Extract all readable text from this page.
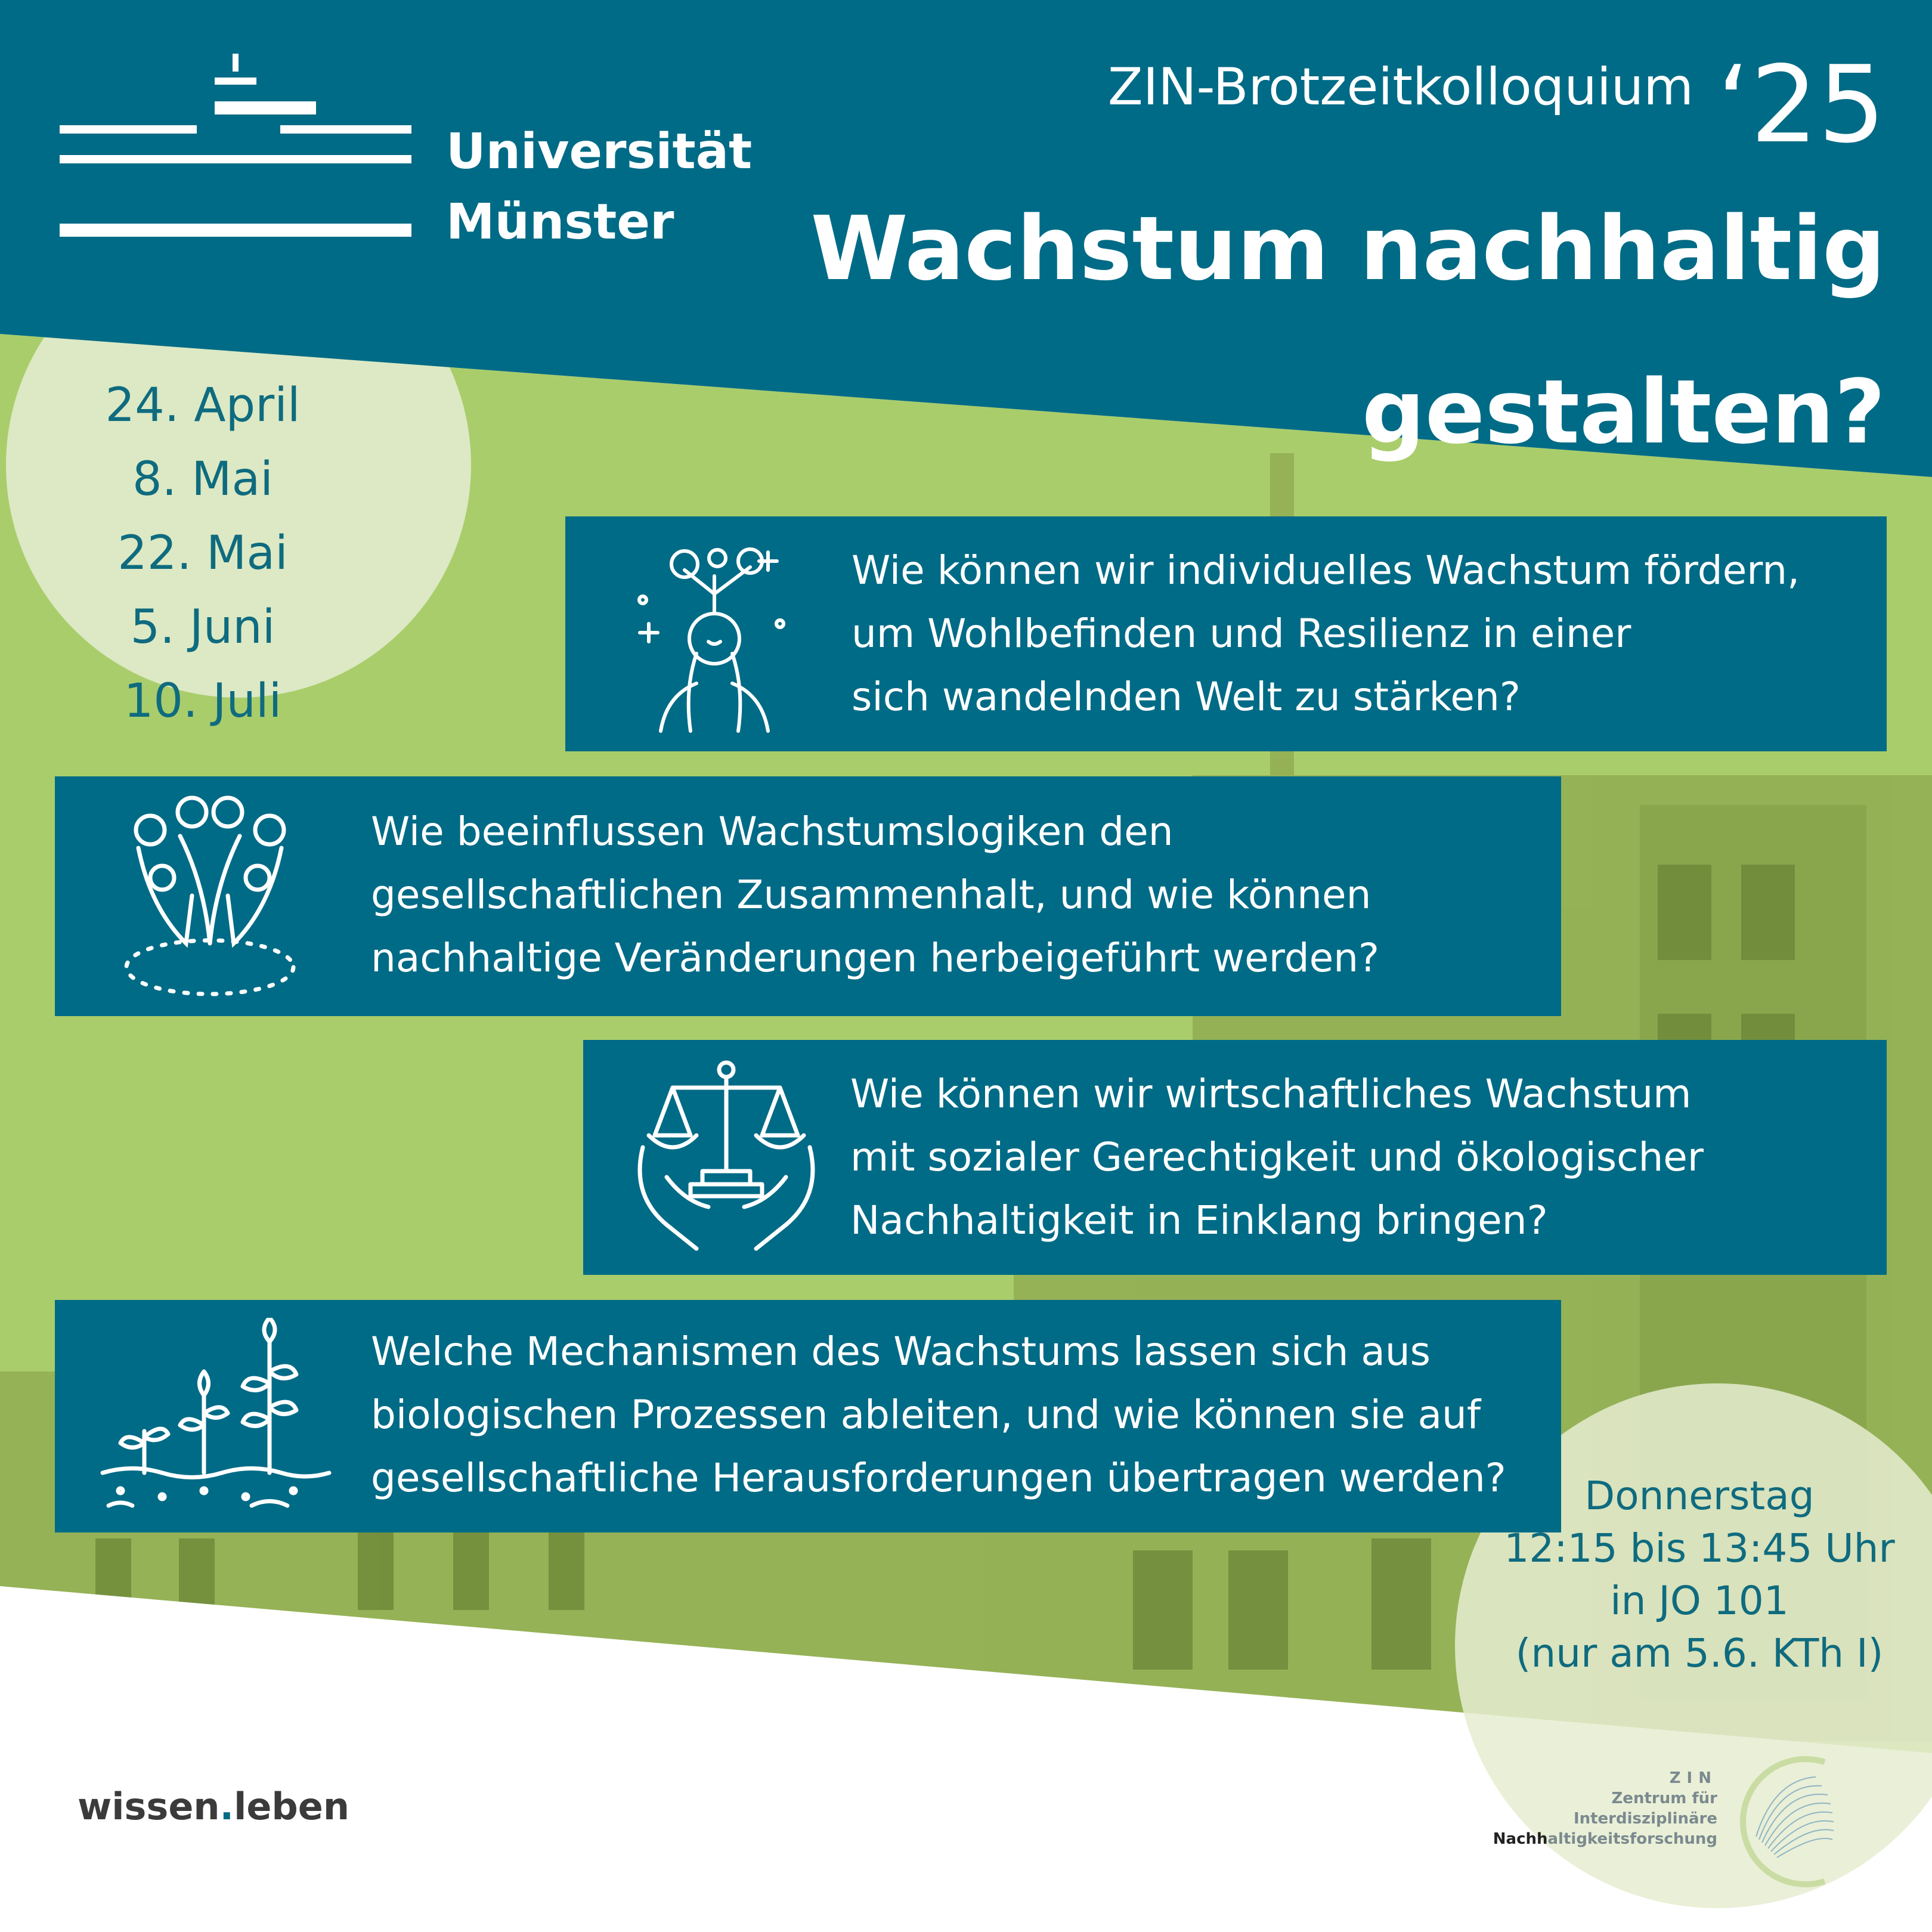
Universität
Münster
ZIN-Brotzeitkolloquium ‘25
Wachstum nachhaltig
gestalten?
24. April
8. Mai
22. Mai
5. Juni
10. Juli
Wie können wir individuelles Wachstum fördern,
um Wohlbefinden und Resilienz in einer
sich wandelnden Welt zu stärken?
Wie beeinflussen Wachstumslogiken den
gesellschaftlichen Zusammenhalt, und wie können
nachhaltige Veränderungen herbeigeführt werden?
Wie können wir wirtschaftliches Wachstum
mit sozialer Gerechtigkeit und ökologischer
Nachhaltigkeit in Einklang bringen?
Welche Mechanismen des Wachstums lassen sich aus
biologischen Prozessen ableiten, und wie können sie auf
gesellschaftliche Herausforderungen übertragen werden?	Donnerstag
12:15 bis 13:45 Uhr
in JO 101
(nur am 5.6. KTh I)
wissen.leben
ZIN
Zentrum für
Interdisziplinäre
Nachhaltigkeitsforschung
